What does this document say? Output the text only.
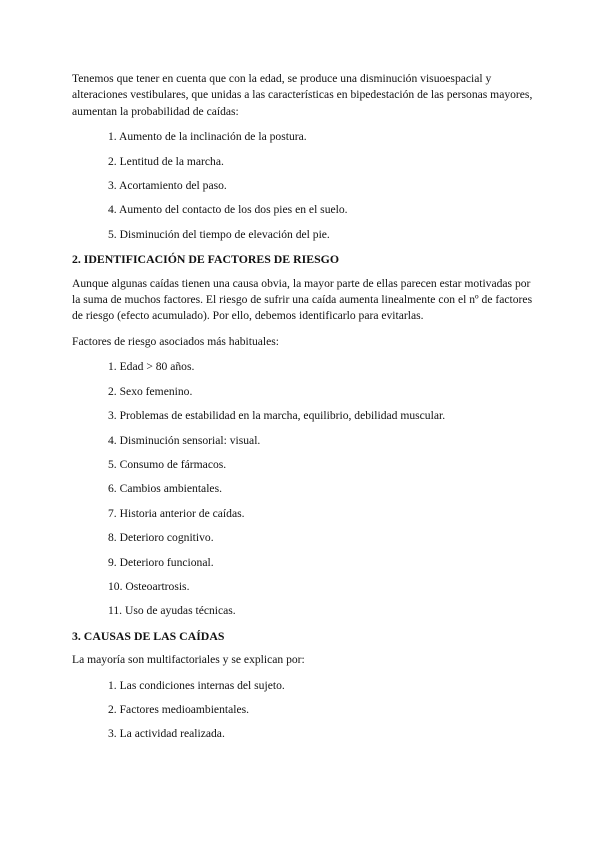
Tenemos que tener en cuenta que con la edad, se produce una disminución visuoespacial y alteraciones vestibulares, que unidas a las características en bipedestación de las personas mayores, aumentan la probabilidad de caídas:

1. Aumento de la inclinación de la postura.
2. Lentitud de la marcha.
3. Acortamiento del paso.
4. Aumento del contacto de los dos pies en el suelo.
5. Disminución del tiempo de elevación del pie.
2. IDENTIFICACIÓN DE FACTORES DE RIESGO

Aunque algunas caídas tienen una causa obvia, la mayor parte de ellas parecen estar motivadas por la suma de muchos factores. El riesgo de sufrir una caída aumenta linealmente con el nº de factores de riesgo (efecto acumulado). Por ello, debemos identificarlo para evitarlas.

Factores de riesgo asociados más habituales:

1. Edad > 80 años.
2. Sexo femenino.
3. Problemas de estabilidad en la marcha, equilibrio, debilidad muscular.
4. Disminución sensorial: visual.
5. Consumo de fármacos.
6. Cambios ambientales.
7. Historia anterior de caídas.
8. Deterioro cognitivo.
9. Deterioro funcional.
10. Osteoartrosis.
11. Uso de ayudas técnicas.
3. CAUSAS DE LAS CAÍDAS

La mayoría son multifactoriales y se explican por:

1. Las condiciones internas del sujeto.
2. Factores medioambientales.
3. La actividad realizada.
